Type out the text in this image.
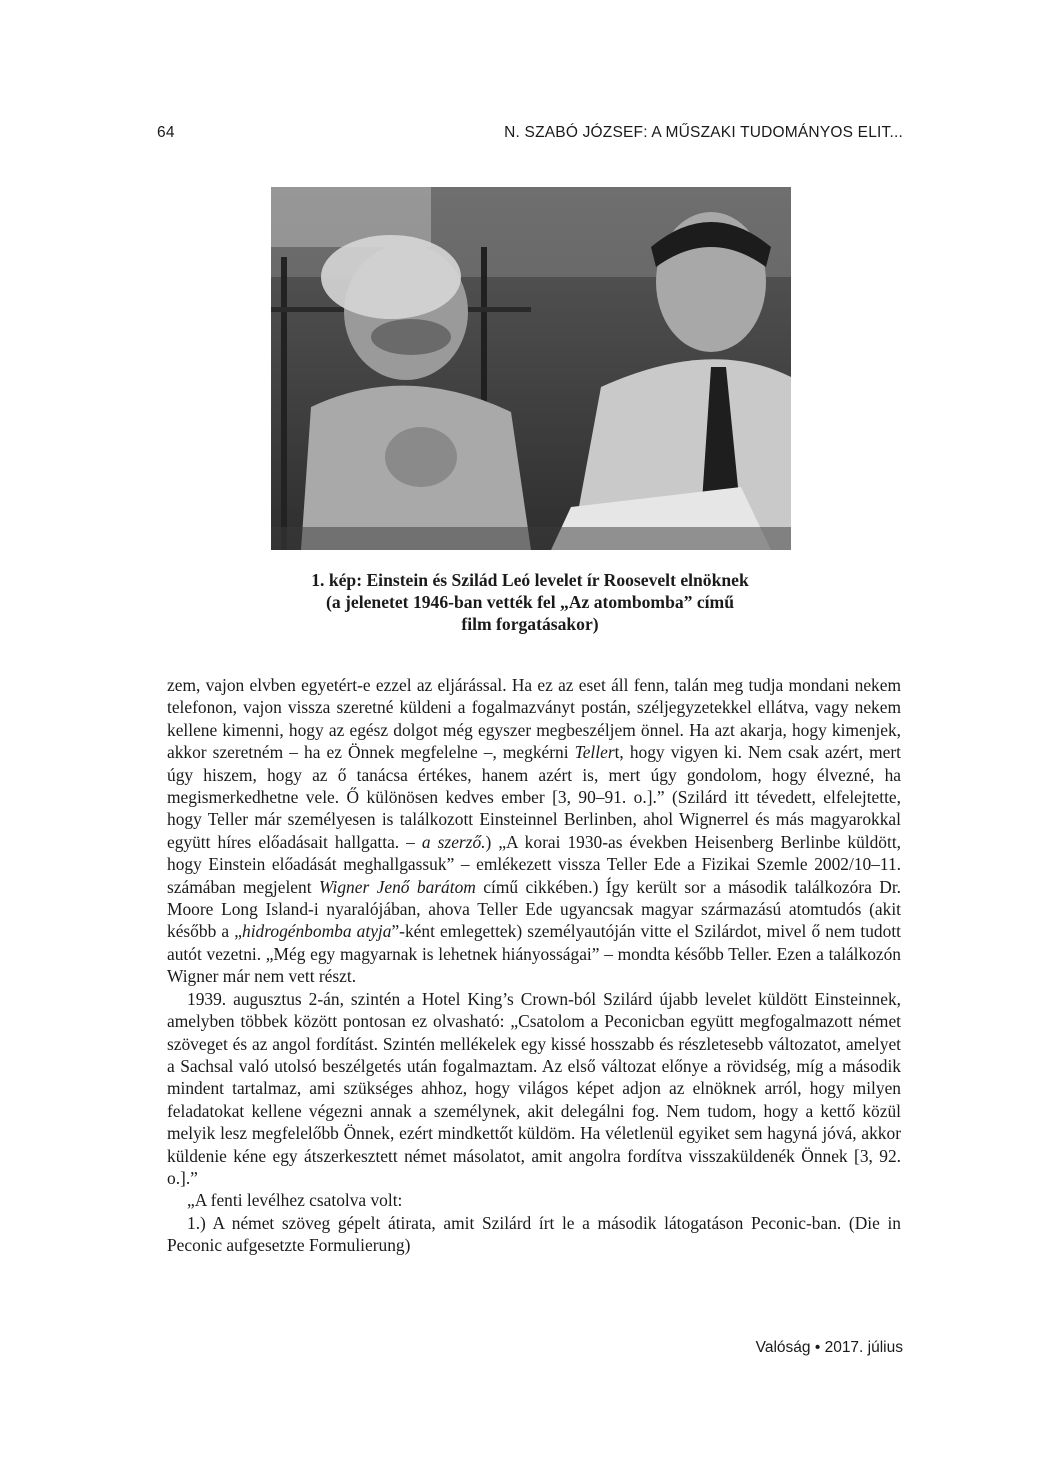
64	N. SZABÓ JÓZSEF: A MŰSZAKI TUDOMÁNYOS ELIT...
1. kép: Einstein és Szilád Leó levelet ír Roosevelt elnöknek
(a jelenetet 1946-ban vették fel „Az atombomba” című
film forgatásakor)

zem, vajon elvben egyetért-e ezzel az eljárással. Ha ez az eset áll fenn, talán meg tudja mondani nekem telefonon, vajon vissza szeretné küldeni a fogalmazványt postán, széljegyzetekkel ellátva, vagy nekem kellene kimenni, hogy az egész dolgot még egyszer megbeszéljem önnel. Ha azt akarja, hogy kimenjek, akkor szeretném – ha ez Önnek megfelelne –, megkérni Tellert, hogy vigyen ki. Nem csak azért, mert úgy hiszem, hogy az ő tanácsa értékes, hanem azért is, mert úgy gondolom, hogy élvezné, ha megismerkedhetne vele. Ő különösen kedves ember [3, 90–91. o.].” (Szilárd itt tévedett, elfelejtette, hogy Teller már személyesen is találkozott Einsteinnel Berlinben, ahol Wignerrel és más magyarokkal együtt híres előadásait hallgatta. – a szerző.) „A korai 1930-as években Heisenberg Berlinbe küldött, hogy Einstein előadását meghallgassuk” – emlékezett vissza Teller Ede a Fizikai Szemle 2002/10–11. számában megjelent Wigner Jenő barátom című cikkében.) Így került sor a második találkozóra Dr. Moore Long Island-i nyaralójában, ahova Teller Ede ugyancsak magyar származású atomtudós (akit később a „hidrogénbomba atyja”-ként emlegettek) személyautóján vitte el Szilárdot, mivel ő nem tudott autót vezetni. „Még egy magyarnak is lehetnek hiányosságai” – mondta később Teller. Ezen a találkozón Wigner már nem vett részt.

1939. augusztus 2-án, szintén a Hotel King’s Crown-ból Szilárd újabb levelet küldött Einsteinnek, amelyben többek között pontosan ez olvasható: „Csatolom a Peconicban együtt megfogalmazott német szöveget és az angol fordítást. Szintén mellékelek egy kissé hosszabb és részletesebb változatot, amelyet a Sachsal való utolsó beszélgetés után fogalmaztam. Az első változat előnye a rövidség, míg a második mindent tartalmaz, ami szükséges ahhoz, hogy világos képet adjon az elnöknek arról, hogy milyen feladatokat kellene végezni annak a személynek, akit delegálni fog. Nem tudom, hogy a kettő közül melyik lesz megfelelőbb Önnek, ezért mindkettőt küldöm. Ha véletlenül egyiket sem hagyná jóvá, akkor küldenie kéne egy átszerkesztett német másolatot, amit angolra fordítva visszaküldenék Önnek [3, 92. o.].”

„A fenti levélhez csatolva volt:

1.) A német szöveg gépelt átirata, amit Szilárd írt le a második látogatáson Peconic-ban. (Die in Peconic aufgesetzte Formulierung)

Valóság • 2017. július
